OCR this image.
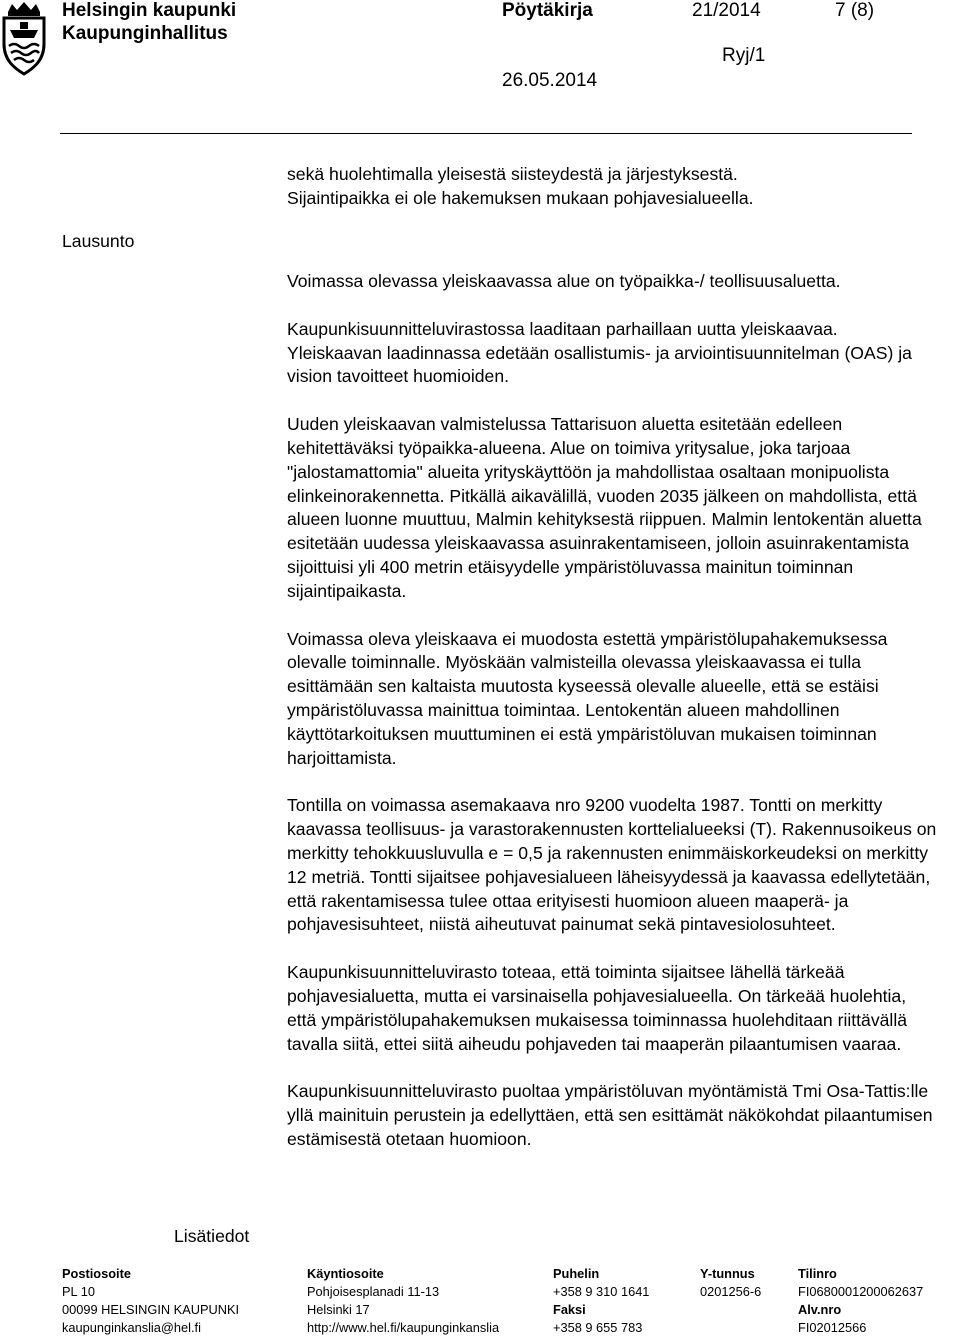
Helsingin kaupunki
Kaupunginhallitus
Pöytäkirja	21/2014	7 (8)
Ryj/1
26.05.2014
Lausunto
Lisätiedot
sekä huolehtimalla yleisestä siisteydestä ja järjestyksestä.
Sijaintipaikka ei ole hakemuksen mukaan pohjavesialueella.

Voimassa olevassa yleiskaavassa alue on työpaikka-/ teollisuusaluetta.

Kaupunkisuunnitteluvirastossa laaditaan parhaillaan uutta yleiskaavaa. Yleiskaavan laadinnassa edetään osallistumis- ja arviointisuunnitelman (OAS) ja vision tavoitteet huomioiden.

Uuden yleiskaavan valmistelussa Tattarisuon aluetta esitetään edelleen kehitettäväksi työpaikka-alueena. Alue on toimiva yritysalue, joka tarjoaa "jalostamattomia" alueita yrityskäyttöön ja mahdollistaa osaltaan monipuolista elinkeinorakennetta. Pitkällä aikavälillä, vuoden 2035 jälkeen on mahdollista, että alueen luonne muuttuu, Malmin kehityksestä riippuen. Malmin lentokentän aluetta esitetään uudessa yleiskaavassa asuinrakentamiseen, jolloin asuinrakentamista sijoittuisi yli 400 metrin etäisyydelle ympäristöluvassa mainitun toiminnan sijaintipaikasta.

Voimassa oleva yleiskaava ei muodosta estettä ympäristölupahakemuksessa olevalle toiminnalle. Myöskään valmisteilla olevassa yleiskaavassa ei tulla esittämään sen kaltaista muutosta kyseessä olevalle alueelle, että se estäisi ympäristöluvassa mainittua toimintaa. Lentokentän alueen mahdollinen käyttötarkoituksen muuttuminen ei estä ympäristöluvan mukaisen toiminnan harjoittamista.

Tontilla on voimassa asemakaava nro 9200 vuodelta 1987. Tontti on merkitty kaavassa teollisuus- ja varastorakennusten korttelialueeksi (T). Rakennusoikeus on merkitty tehokkuusluvulla e = 0,5 ja rakennusten enimmäiskorkeudeksi on merkitty 12 metriä. Tontti sijaitsee pohjavesialueen läheisyydessä ja kaavassa edellytetään, että rakentamisessa tulee ottaa erityisesti huomioon alueen maaperä- ja pohjavesisuhteet, niistä aiheutuvat painumat sekä pintavesiolosuhteet.

Kaupunkisuunnitteluvirasto toteaa, että toiminta sijaitsee lähellä tärkeää pohjavesialuetta, mutta ei varsinaisella pohjavesialueella. On tärkeää huolehtia, että ympäristölupahakemuksen mukaisessa toiminnassa huolehditaan riittävällä tavalla siitä, ettei siitä aiheudu pohjaveden tai maaperän pilaantumisen vaaraa.

Kaupunkisuunnitteluvirasto puoltaa ympäristöluvan myöntämistä Tmi Osa-Tattis:lle yllä mainituin perustein ja edellyttäen, että sen esittämät näkökohdat pilaantumisen estämisestä otetaan huomioon.

Postiosoite
PL 10
00099 HELSINGIN KAUPUNKI
kaupunginkanslia@hel.fi
Käyntiosoite
Pohjoisesplanadi 11-13
Helsinki 17
http://www.hel.fi/kaupunginkanslia
Puhelin
+358 9 310 1641
Faksi
+358 9 655 783
Y-tunnus
0201256-6
Tilinro
FI0680001200062637
Alv.nro
FI02012566
